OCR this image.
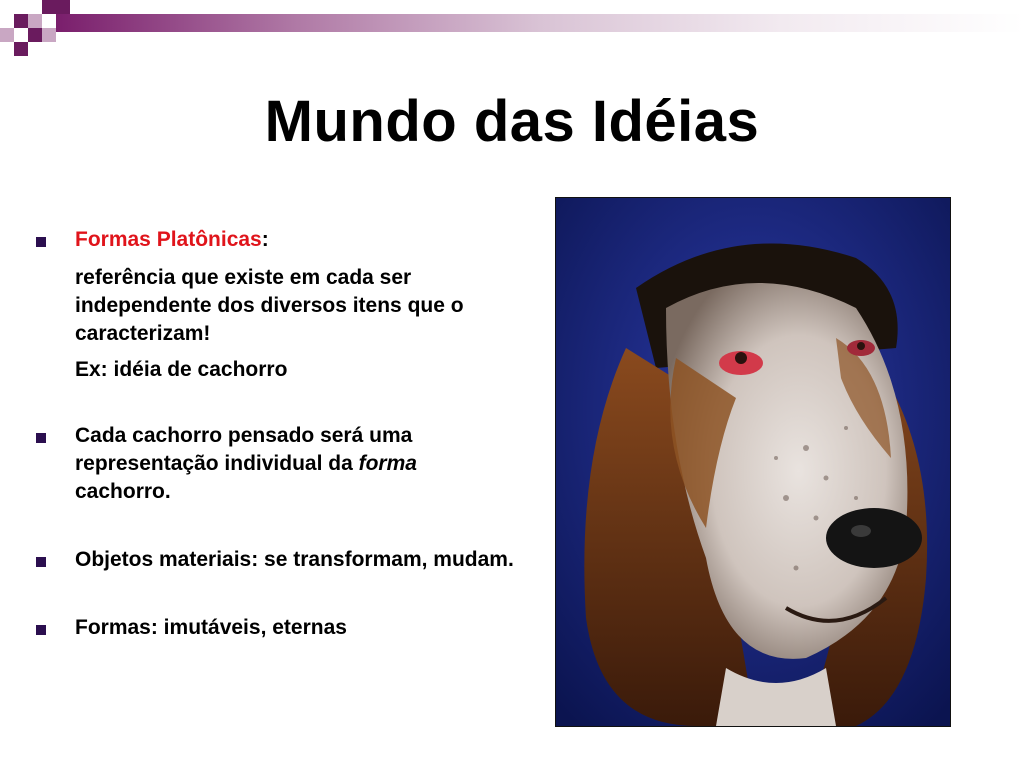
Mundo das Idéias
Formas Platônicas:
referência que existe em cada ser independente dos diversos itens que o caracterizam!
Ex: idéia de cachorro
Cada cachorro pensado será uma representação individual da forma cachorro.
Objetos materiais: se transformam, mudam.
Formas: imutáveis, eternas
